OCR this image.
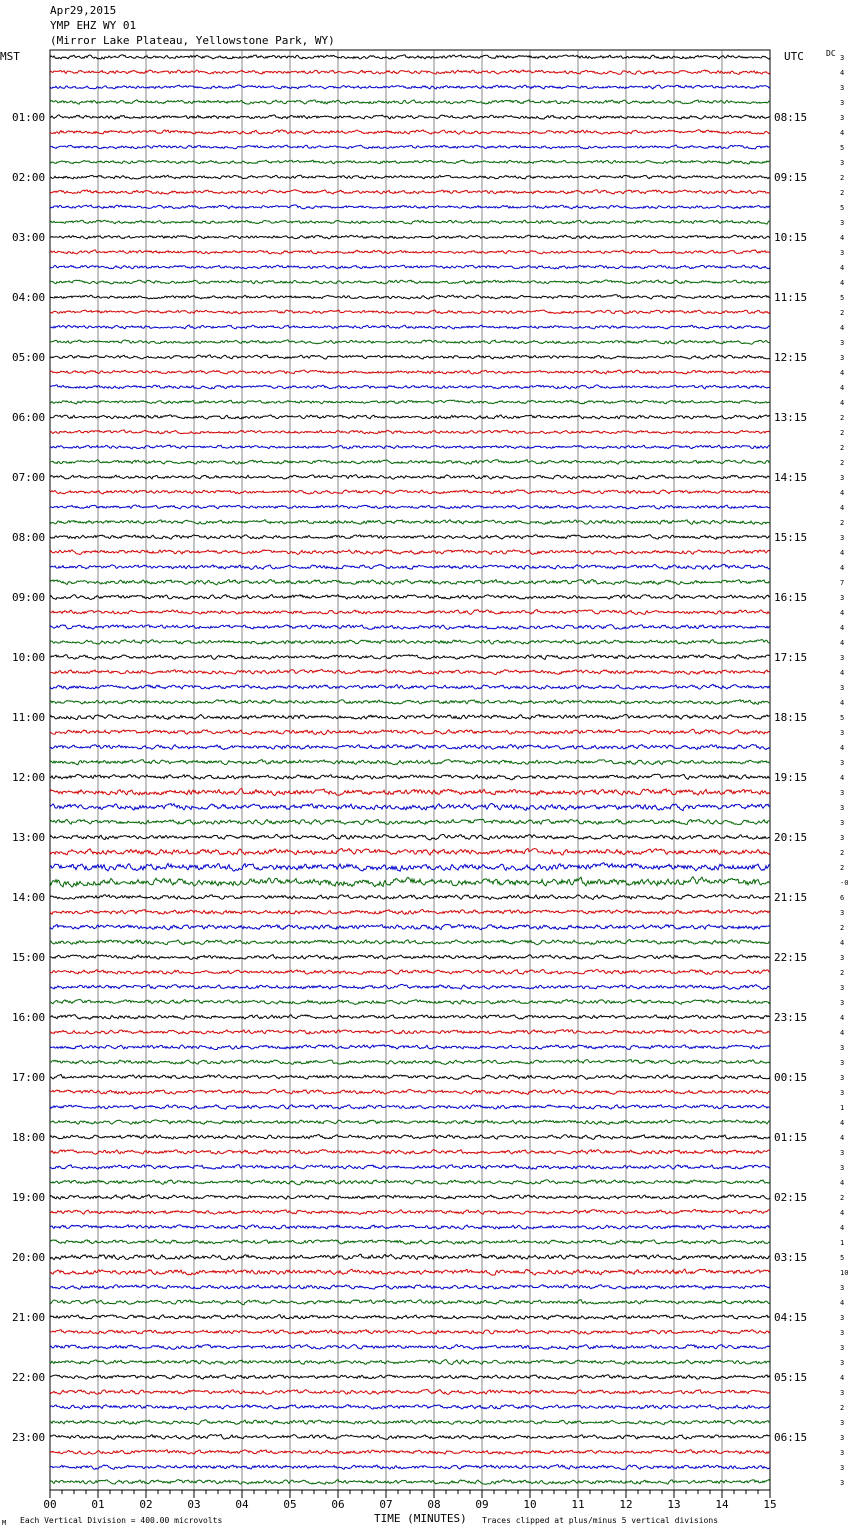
Apr29,2015
YMP EHZ WY 01
(Mirror Lake Plateau, Yellowstone Park, WY)
MST	UTC	DC 3
4
3
3
3
4
5
3
2
2
5
3
4
3
4
4
5
2
4
3
3
4
4
4
2
2
2
2
3
4
4
2
3
4
4
7
3
4
4
4
3
4
3
4
5
3
4
3
4
3
3
3
3
2
2
-0
6
3
2
4
3
2
3
3
4
4
3
3
3
3
1
4
4
3
3
4
2
4
4
1
5
10
3
4
3
3
3
3
4
3
2
3
3
3
3
3
01:00
02:00
03:00
04:00
05:00
06:00
07:00
08:00
09:00
10:00
11:00
12:00
13:00
14:00
15:00
16:00
17:00
18:00
19:00
20:00
21:00
22:00
23:00
08:15
09:15
10:15
11:15
12:15
13:15
14:15
15:15
16:15
17:15
18:15
19:15
20:15
21:15
22:15
23:15
00:15
01:15
02:15
03:15
04:15
05:15
06:15
00	01	02	03	04	05	06	07	08	09	10	11	12	13	14	15
M Each Vertical Division = 400.00 microvolts	TIME (MINUTES) Traces clipped at plus/minus 5 vertical divisions
